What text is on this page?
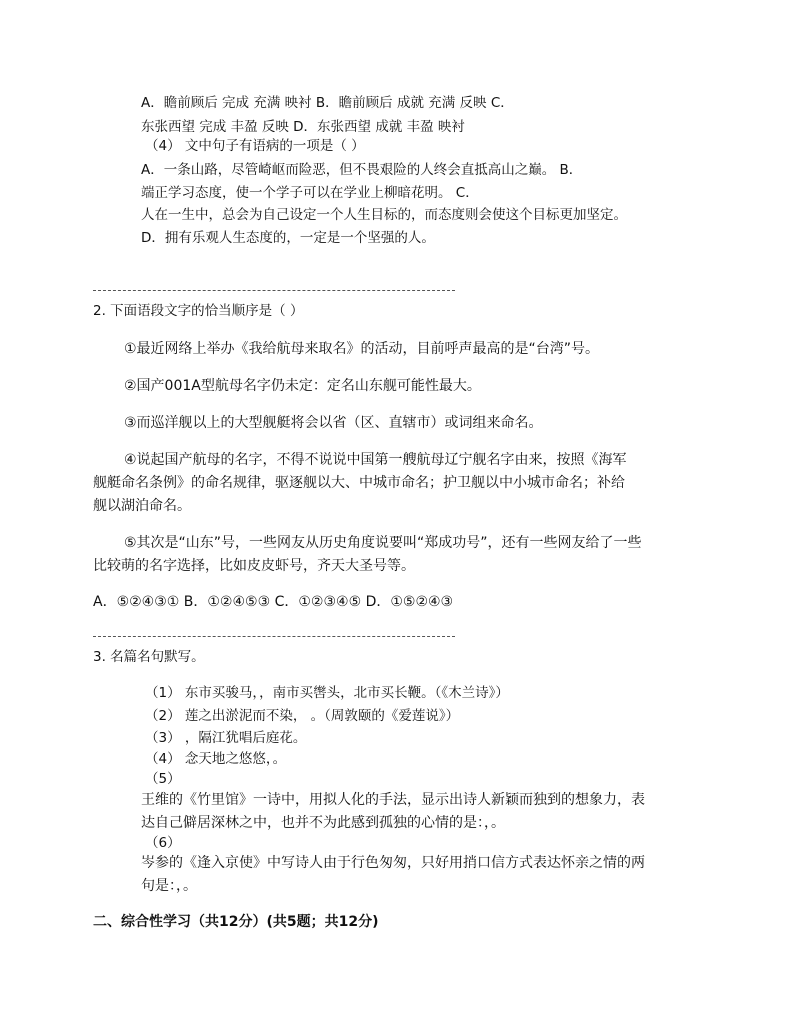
A．瞻前顾后 完成 充满 映衬 B．瞻前顾后 成就 充满 反映 C．
东张西望 完成 丰盈 反映 D．东张西望 成就 丰盈 映衬
（4） 文中句子有语病的一项是（ ）
A．一条山路，尽管崎岖而险恶，但不畏艰险的人终会直抵高山之巅。 B．
端正学习态度，使一个学子可以在学业上柳暗花明。 C．
人在一生中，总会为自己设定一个人生目标的，而态度则会使这个目标更加坚定。
D．拥有乐观人生态度的，一定是一个坚强的人。
2. 下面语段文字的恰当顺序是（ ）
①最近网络上举办《我给航母来取名》的活动，目前呼声最高的是“台湾”号。
②国产001A型航母名字仍未定：定名山东舰可能性最大。
③而巡洋舰以上的大型舰艇将会以省（区、直辖市）或词组来命名。
④说起国产航母的名字，不得不说说中国第一艘航母辽宁舰名字由来，按照《海军
舰艇命名条例》的命名规律，驱逐舰以大、中城市命名；护卫舰以中小城市命名；补给
舰以湖泊命名。
⑤其次是“山东”号，一些网友从历史角度说要叫“郑成功号”，还有一些网友给了一些
比较萌的名字选择，比如皮皮虾号，齐天大圣号等。
A．⑤②④③① B．①②④⑤③ C．①②③④⑤ D．①⑤②④③
3. 名篇名句默写。
（1） 东市买骏马，，南市买辔头，北市买长鞭。（《木兰诗》）
（2） 莲之出淤泥而不染， 。（周敦颐的《爱莲说》）
（3） ，隔江犹唱后庭花。
（4） 念天地之悠悠，。
（5）
王维的《竹里馆》一诗中，用拟人化的手法，显示出诗人新颖而独到的想象力，表
达自己僻居深林之中，也并不为此感到孤独的心情的是：，。
（6）
岑参的《逢入京使》中写诗人由于行色匆匆，只好用捎口信方式表达怀亲之情的两
句是：，。
二、综合性学习（共12分）(共5题；共12分)
